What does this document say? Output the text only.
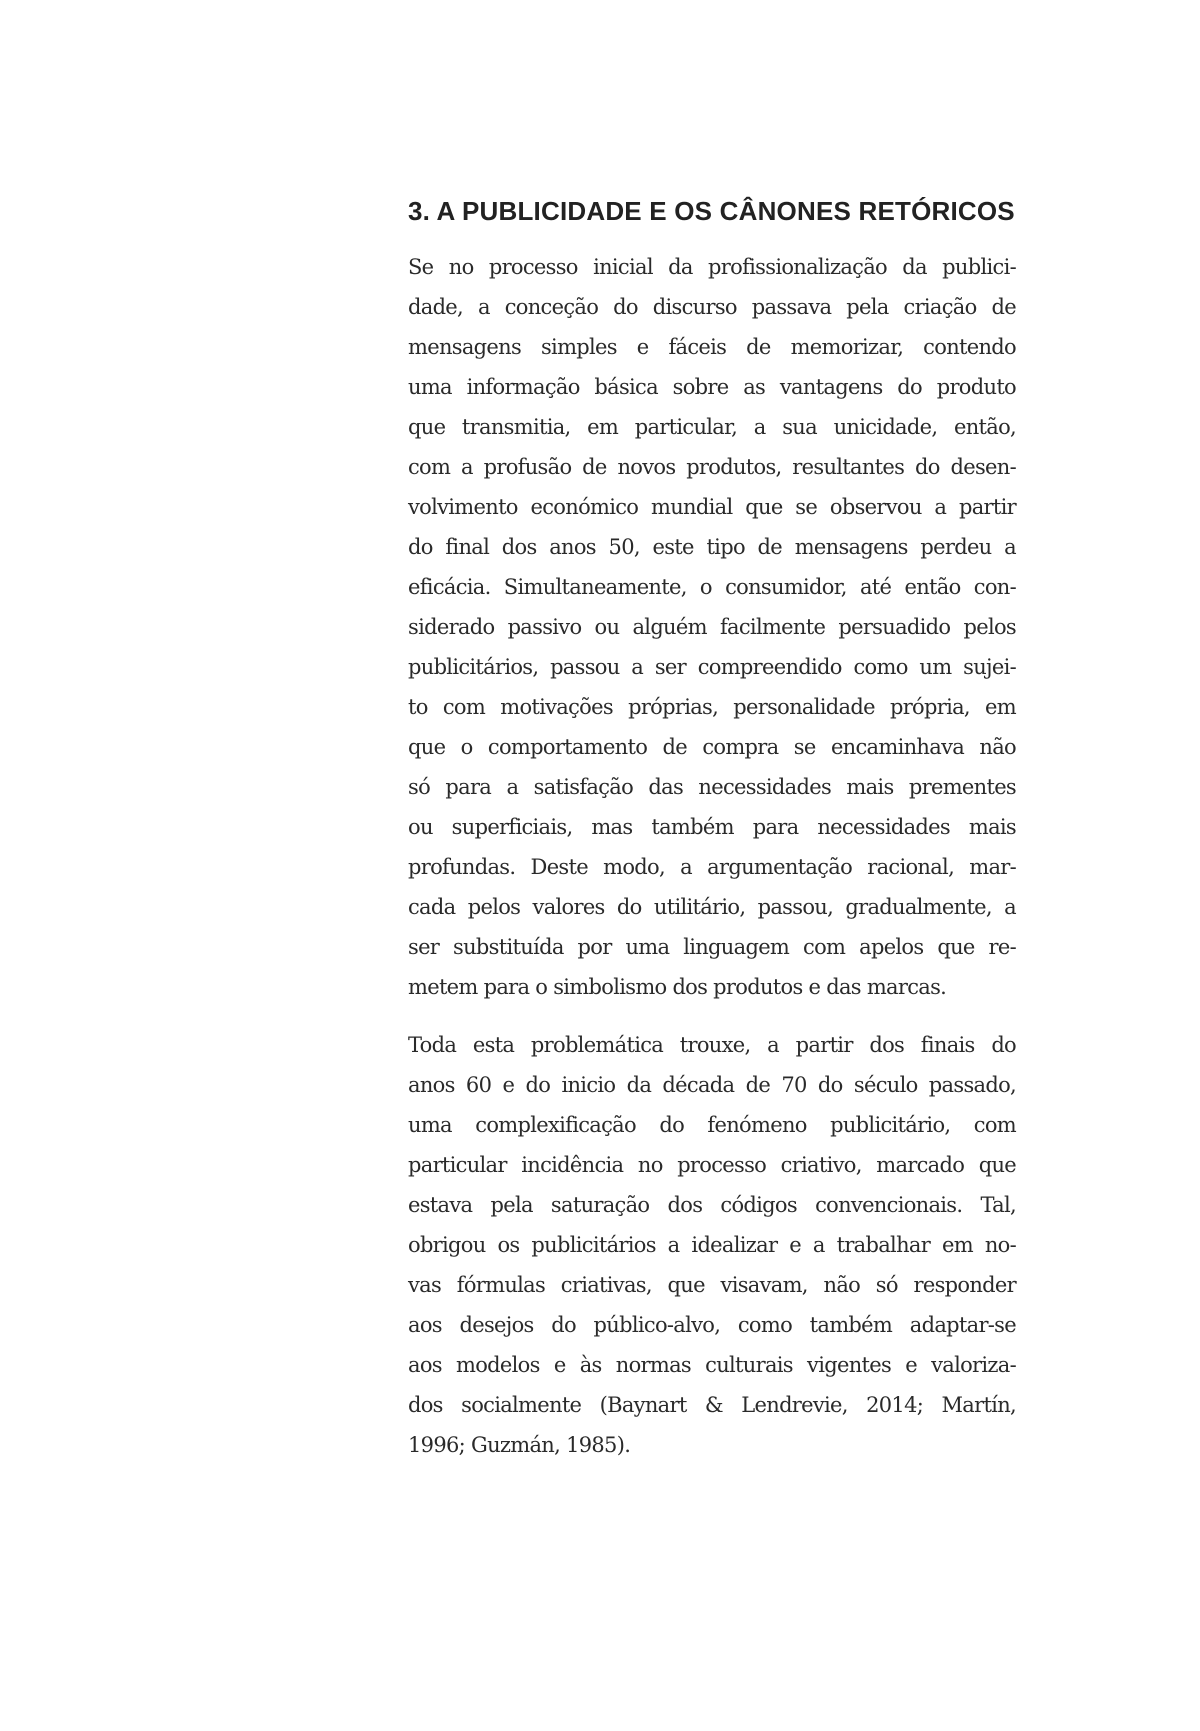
3. A PUBLICIDADE E OS CÂNONES RETÓRICOS

Se no processo inicial da profissionalização da publici-
dade, a conceção do discurso passava pela criação de
mensagens simples e fáceis de memorizar, contendo
uma informação básica sobre as vantagens do produto
que transmitia, em particular, a sua unicidade, então,
com a profusão de novos produtos, resultantes do desen-
volvimento económico mundial que se observou a partir
do final dos anos 50, este tipo de mensagens perdeu a
eficácia. Simultaneamente, o consumidor, até então con-
siderado passivo ou alguém facilmente persuadido pelos
publicitários, passou a ser compreendido como um sujei-
to com motivações próprias, personalidade própria, em
que o comportamento de compra se encaminhava não
só para a satisfação das necessidades mais prementes
ou superficiais, mas também para necessidades mais
profundas. Deste modo, a argumentação racional, mar-
cada pelos valores do utilitário, passou, gradualmente, a
ser substituída por uma linguagem com apelos que re-
metem para o simbolismo dos produtos e das marcas.

Toda esta problemática trouxe, a partir dos finais do
anos 60 e do inicio da década de 70 do século passado,
uma complexificação do fenómeno publicitário, com
particular incidência no processo criativo, marcado que
estava pela saturação dos códigos convencionais. Tal,
obrigou os publicitários a idealizar e a trabalhar em no-
vas fórmulas criativas, que visavam, não só responder
aos desejos do público-alvo, como também adaptar-se
aos modelos e às normas culturais vigentes e valoriza-
dos socialmente (Baynart & Lendrevie, 2014; Martín,
1996; Guzmán, 1985).
